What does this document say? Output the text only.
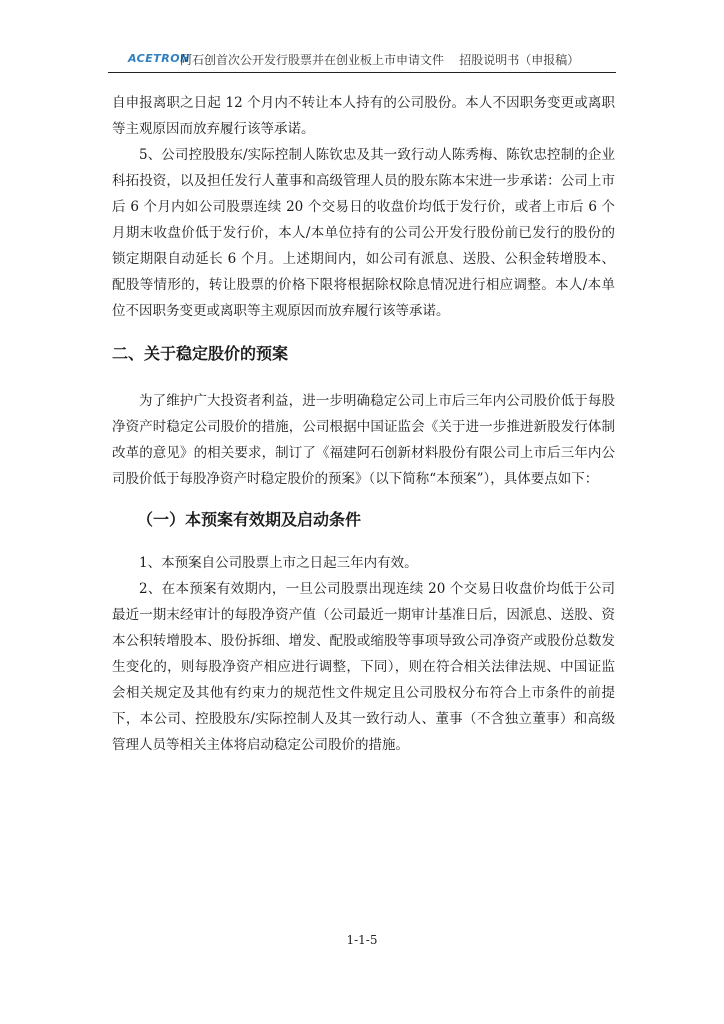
ACETRON
阿石创首次公开发行股票并在创业板上市申请文件    招股说明书（申报稿）

自申报离职之日起 12 个月内不转让本人持有的公司股份。本人不因职务变更或离职等主观原因而放弃履行该等承诺。

5、公司控股股东/实际控制人陈钦忠及其一致行动人陈秀梅、陈钦忠控制的企业科拓投资，以及担任发行人董事和高级管理人员的股东陈本宋进一步承诺：公司上市后 6 个月内如公司股票连续 20 个交易日的收盘价均低于发行价，或者上市后 6 个月期末收盘价低于发行价，本人/本单位持有的公司公开发行股份前已发行的股份的锁定期限自动延长 6 个月。上述期间内，如公司有派息、送股、公积金转增股本、配股等情形的，转让股票的价格下限将根据除权除息情况进行相应调整。本人/本单位不因职务变更或离职等主观原因而放弃履行该等承诺。

二、关于稳定股价的预案

为了维护广大投资者利益，进一步明确稳定公司上市后三年内公司股价低于每股净资产时稳定公司股价的措施，公司根据中国证监会《关于进一步推进新股发行体制改革的意见》的相关要求，制订了《福建阿石创新材料股份有限公司上市后三年内公司股价低于每股净资产时稳定股价的预案》（以下简称“本预案”），具体要点如下：

（一）本预案有效期及启动条件

1、本预案自公司股票上市之日起三年内有效。

2、在本预案有效期内，一旦公司股票出现连续 20 个交易日收盘价均低于公司最近一期末经审计的每股净资产值（公司最近一期审计基准日后，因派息、送股、资本公积转增股本、股份拆细、增发、配股或缩股等事项导致公司净资产或股份总数发生变化的，则每股净资产相应进行调整，下同），则在符合相关法律法规、中国证监会相关规定及其他有约束力的规范性文件规定且公司股权分布符合上市条件的前提下，本公司、控股股东/实际控制人及其一致行动人、董事（不含独立董事）和高级管理人员等相关主体将启动稳定公司股价的措施。

1-1-5
